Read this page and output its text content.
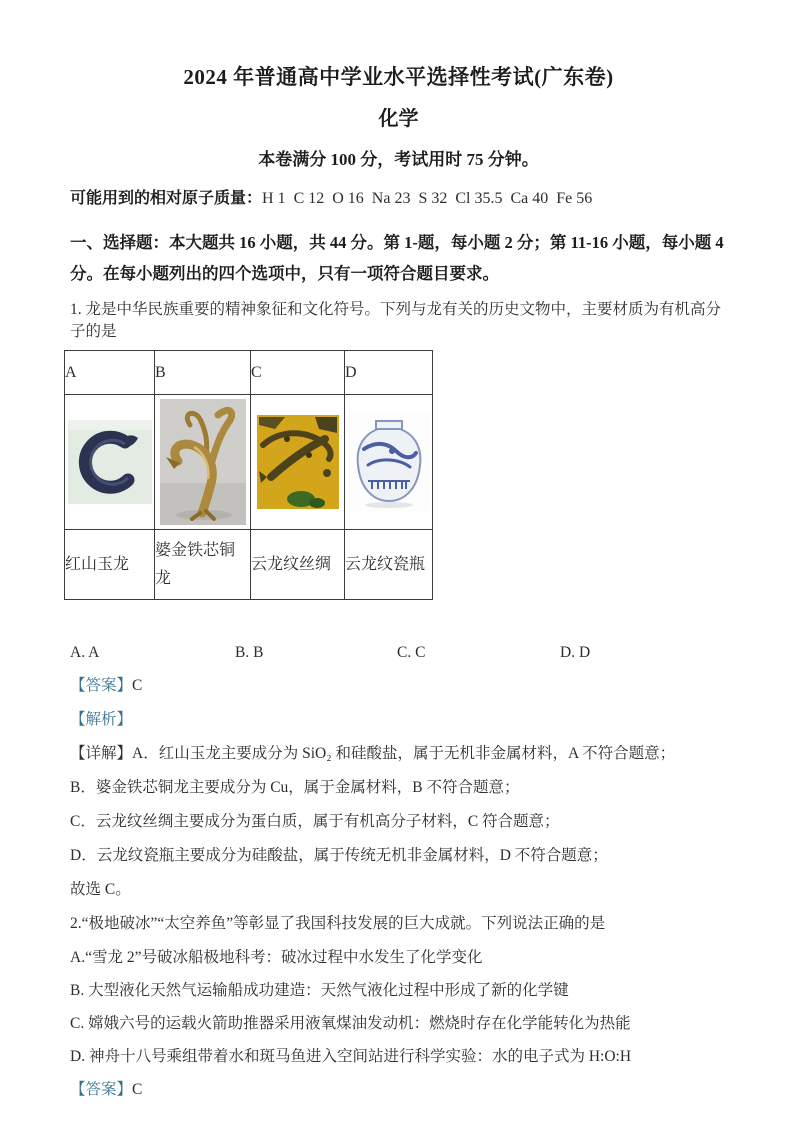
2024 年普通高中学业水平选择性考试(广东卷)
化学
本卷满分 100 分，考试用时 75 分钟。
可能用到的相对原子质量：H 1  C 12  O 16  Na 23  S 32  Cl 35.5  Ca 40  Fe 56
一、选择题：本大题共 16 小题，共 44 分。第 1-题，每小题 2 分；第 11-16 小题，每小题 4
分。在每小题列出的四个选项中，只有一项符合题目要求。
1. 龙是中华民族重要的精神象征和文化符号。下列与龙有关的历史文物中，主要材质为有机高分子的是
A	B	C	D

红山玉龙	婆金铁芯铜龙	云龙纹丝绸	云龙纹瓷瓶
A. A	B. B	C. C	D. D
【答案】C
【解析】
【详解】A．红山玉龙主要成分为 SiO₂ 和硅酸盐，属于无机非金属材料，A 不符合题意；
B．婆金铁芯铜龙主要成分为 Cu，属于金属材料，B 不符合题意；
C．云龙纹丝绸主要成分为蛋白质，属于有机高分子材料，C 符合题意；
D．云龙纹瓷瓶主要成分为硅酸盐，属于传统无机非金属材料，D 不符合题意；
故选 C。
2.“极地破冰”“太空养鱼”等彰显了我国科技发展的巨大成就。下列说法正确的是
A.“雪龙 2”号破冰船极地科考：破冰过程中水发生了化学变化
B. 大型液化天然气运输船成功建造：天然气液化过程中形成了新的化学键
C. 嫦娥六号的运载火箭助推器采用液氧煤油发动机：燃烧时存在化学能转化为热能
D. 神舟十八号乘组带着水和斑马鱼进入空间站进行科学实验：水的电子式为 H:O:H
【答案】C
